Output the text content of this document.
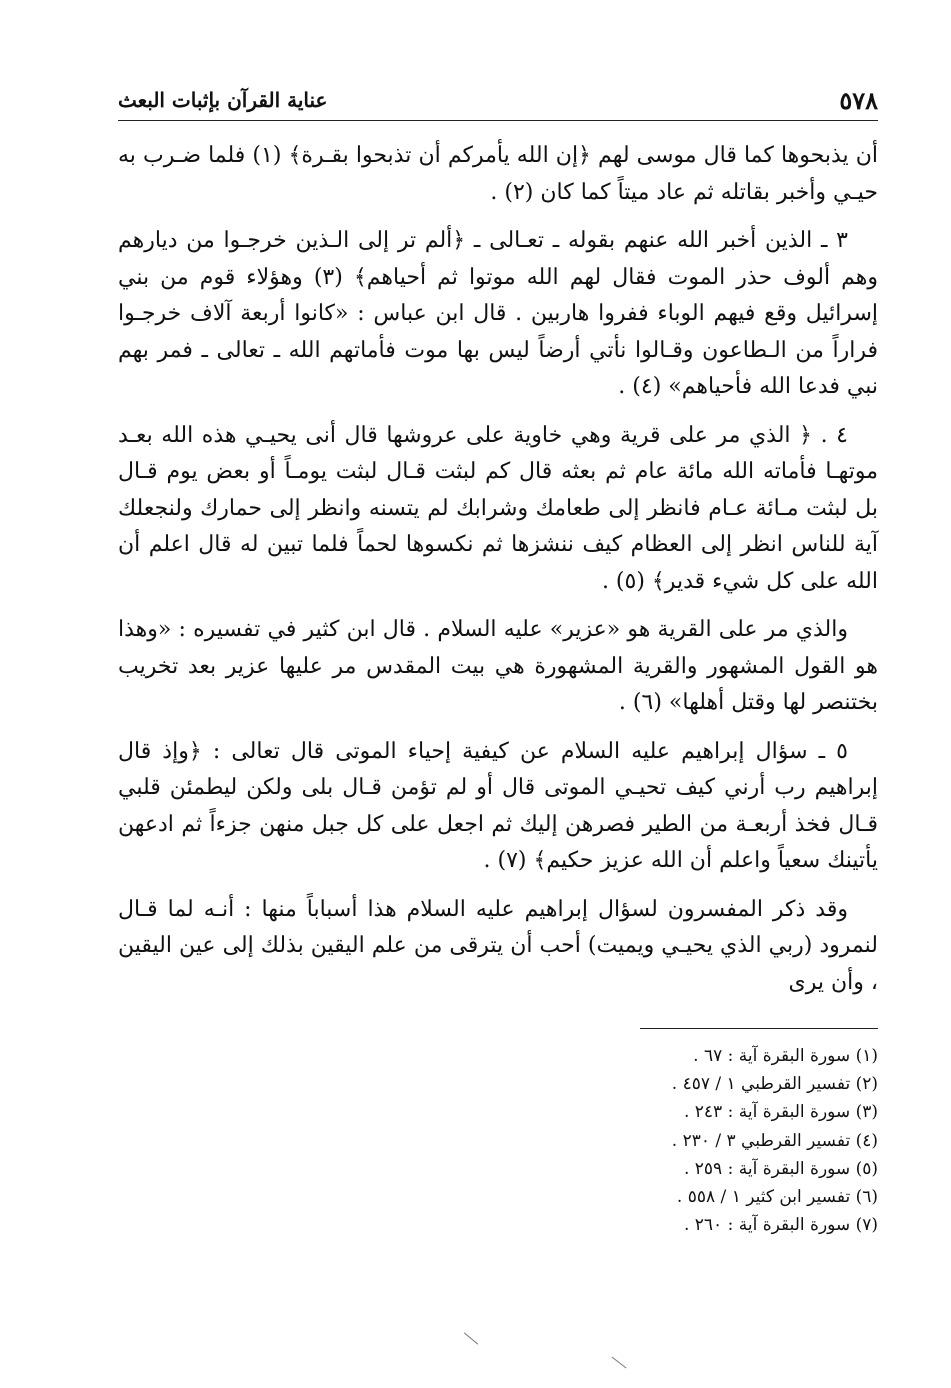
٥٧٨
عناية القرآن بإثبات البعث

أن يذبحوها كما قال موسى لهم ﴿إن الله يأمركم أن تذبحوا بقـرة﴾ (١) فلما ضـرب به حيـي وأخبر بقاتله ثم عاد ميتاً كما كان (٢) .

٣ ـ الذين أخبر الله عنهم بقوله ـ تعـالى ـ ﴿ألم تر إلى الـذين خرجـوا من ديارهم وهم ألوف حذر الموت فقال لهم الله موتوا ثم أحياهم﴾ (٣) وهؤلاء قوم من بني إسرائيل وقع فيهم الوباء ففروا هاربين . قال ابن عباس : «كانوا أربعة آلاف خرجـوا فراراً من الـطاعون وقـالوا نأتي أرضاً ليس بها موت فأماتهم الله ـ تعالى ـ فمر بهم نبي فدعا الله فأحياهم» (٤) .

٤ . ﴿ الذي مر على قرية وهي خاوية على عروشها قال أنى يحيـي هذه الله بعـد موتهـا فأماته الله مائة عام ثم بعثه قال كم لبثت قـال لبثت يومـاً أو بعض يوم قـال بل لبثت مـائة عـام فانظر إلى طعامك وشرابك لم يتسنه وانظر إلى حمارك ولنجعلك آية للناس انظر إلى العظام كيف ننشزها ثم نكسوها لحماً فلما تبين له قال اعلم أن الله على كل شيء قدير﴾ (٥) .

والذي مر على القرية هو «عزير» عليه السلام . قال ابن كثير في تفسيره : «وهذا هو القول المشهور والقرية المشهورة هي بيت المقدس مر عليها عزير بعد تخريب بختنصر لها وقتل أهلها» (٦) .

٥ ـ سؤال إبراهيم عليه السلام عن كيفية إحياء الموتى قال تعالى : ﴿وإذ قال إبراهيم رب أرني كيف تحيـي الموتى قال أو لم تؤمن قـال بلى ولكن ليطمئن قلبي قـال فخذ أربعـة من الطير فصرهن إليك ثم اجعل على كل جبل منهن جزءاً ثم ادعهن يأتينك سعياً واعلم أن الله عزيز حكيم﴾ (٧) .

وقد ذكر المفسرون لسؤال إبراهيم عليه السلام هذا أسباباً منها : أنـه لما قـال لنمرود (ربي الذي يحيـي ويميت) أحب أن يترقى من علم اليقين بذلك إلى عين اليقين ، وأن يرى

(١) سورة البقرة آية : ٦٧ .
(٢) تفسير القرطبي ١ / ٤٥٧ .
(٣) سورة البقرة آية : ٢٤٣ .
(٤) تفسير القرطبي ٣ / ٢٣٠ .
(٥) سورة البقرة آية : ٢٥٩ .
(٦) تفسير ابن كثير ١ / ٥٥٨ .
(٧) سورة البقرة آية : ٢٦٠ .
